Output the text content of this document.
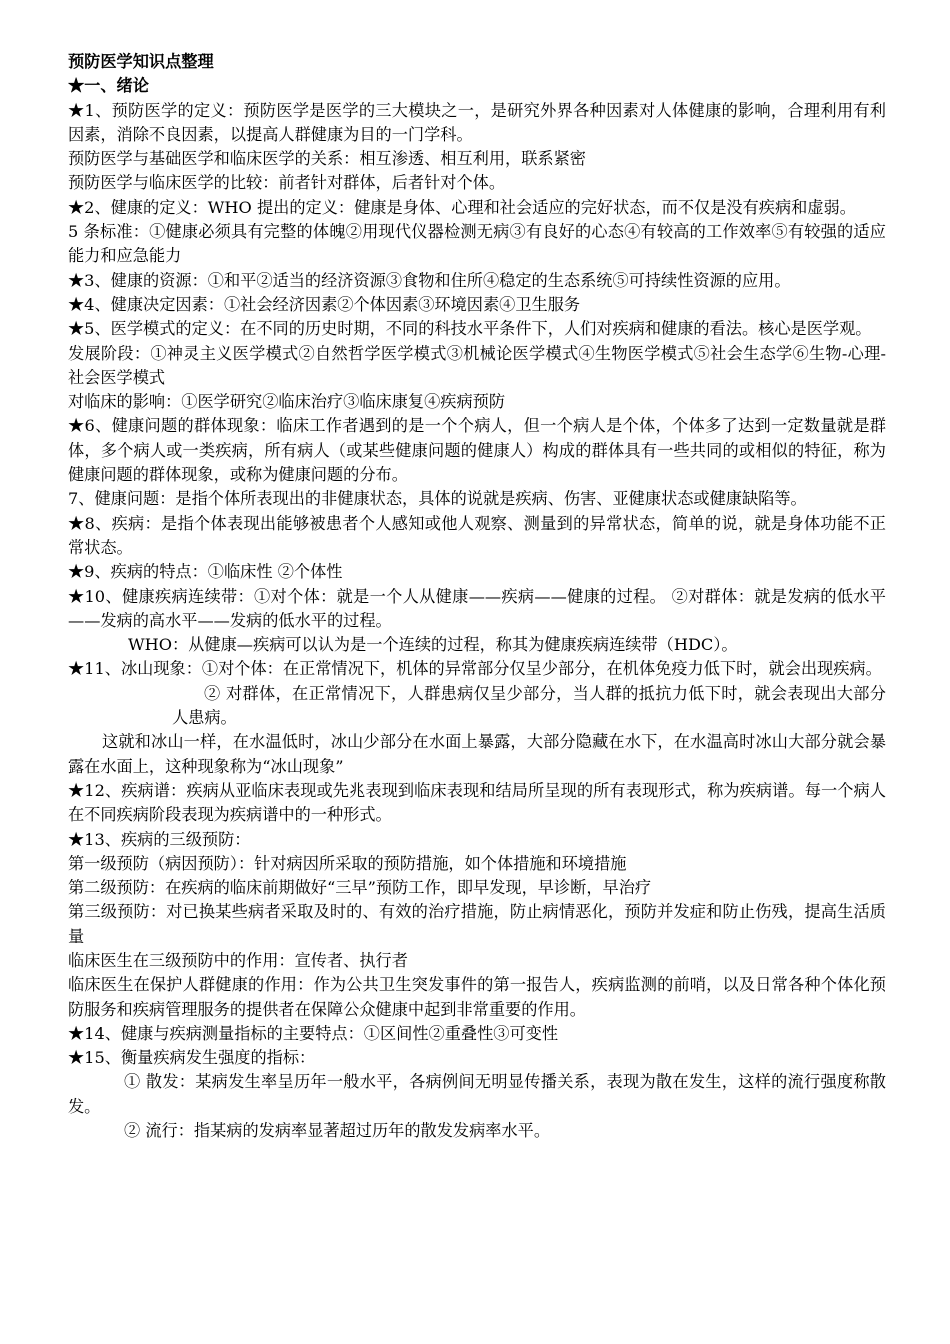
预防医学知识点整理

★一、绪论

★1、预防医学的定义：预防医学是医学的三大模块之一，是研究外界各种因素对人体健康的影响，合理利用有利因素，消除不良因素，以提高人群健康为目的一门学科。

预防医学与基础医学和临床医学的关系：相互渗透、相互利用，联系紧密

预防医学与临床医学的比较：前者针对群体，后者针对个体。

★2、健康的定义：WHO 提出的定义：健康是身体、心理和社会适应的完好状态，而不仅是没有疾病和虚弱。

5 条标准：①健康必须具有完整的体魄②用现代仪器检测无病③有良好的心态④有较高的工作效率⑤有较强的适应能力和应急能力

★3、健康的资源：①和平②适当的经济资源③食物和住所④稳定的生态系统⑤可持续性资源的应用。

★4、健康决定因素：①社会经济因素②个体因素③环境因素④卫生服务

★5、医学模式的定义：在不同的历史时期，不同的科技水平条件下，人们对疾病和健康的看法。核心是医学观。

发展阶段：①神灵主义医学模式②自然哲学医学模式③机械论医学模式④生物医学模式⑤社会生态学⑥生物-心理-社会医学模式

对临床的影响：①医学研究②临床治疗③临床康复④疾病预防

★6、健康问题的群体现象：临床工作者遇到的是一个个病人，但一个病人是个体，个体多了达到一定数量就是群体，多个病人或一类疾病，所有病人（或某些健康问题的健康人）构成的群体具有一些共同的或相似的特征，称为健康问题的群体现象，或称为健康问题的分布。

7、健康问题：是指个体所表现出的非健康状态，具体的说就是疾病、伤害、亚健康状态或健康缺陷等。

★8、疾病：是指个体表现出能够被患者个人感知或他人观察、测量到的异常状态，简单的说，就是身体功能不正常状态。

★9、疾病的特点：①临床性 ②个体性

★10、健康疾病连续带：①对个体：就是一个人从健康——疾病——健康的过程。 ②对群体：就是发病的低水平——发病的高水平——发病的低水平的过程。

WHO：从健康—疾病可以认为是一个连续的过程，称其为健康疾病连续带（HDC）。

★11、冰山现象：①对个体：在正常情况下，机体的异常部分仅呈少部分，在机体免疫力低下时，就会出现疾病。

② 对群体，在正常情况下，人群患病仅呈少部分，当人群的抵抗力低下时，就会表现出大部分人患病。

这就和冰山一样，在水温低时，冰山少部分在水面上暴露，大部分隐藏在水下，在水温高时冰山大部分就会暴露在水面上，这种现象称为“冰山现象”

★12、疾病谱：疾病从亚临床表现或先兆表现到临床表现和结局所呈现的所有表现形式，称为疾病谱。每一个病人在不同疾病阶段表现为疾病谱中的一种形式。

★13、疾病的三级预防：

第一级预防（病因预防）：针对病因所采取的预防措施，如个体措施和环境措施

第二级预防：在疾病的临床前期做好“三早”预防工作，即早发现，早诊断，早治疗

第三级预防：对已换某些病者采取及时的、有效的治疗措施，防止病情恶化，预防并发症和防止伤残，提高生活质量

临床医生在三级预防中的作用：宣传者、执行者

临床医生在保护人群健康的作用：作为公共卫生突发事件的第一报告人，疾病监测的前哨，以及日常各种个体化预防服务和疾病管理服务的提供者在保障公众健康中起到非常重要的作用。

★14、健康与疾病测量指标的主要特点：①区间性②重叠性③可变性

★15、衡量疾病发生强度的指标：

① 散发：某病发生率呈历年一般水平，各病例间无明显传播关系，表现为散在发生，这样的流行强度称散发。

② 流行：指某病的发病率显著超过历年的散发发病率水平。
